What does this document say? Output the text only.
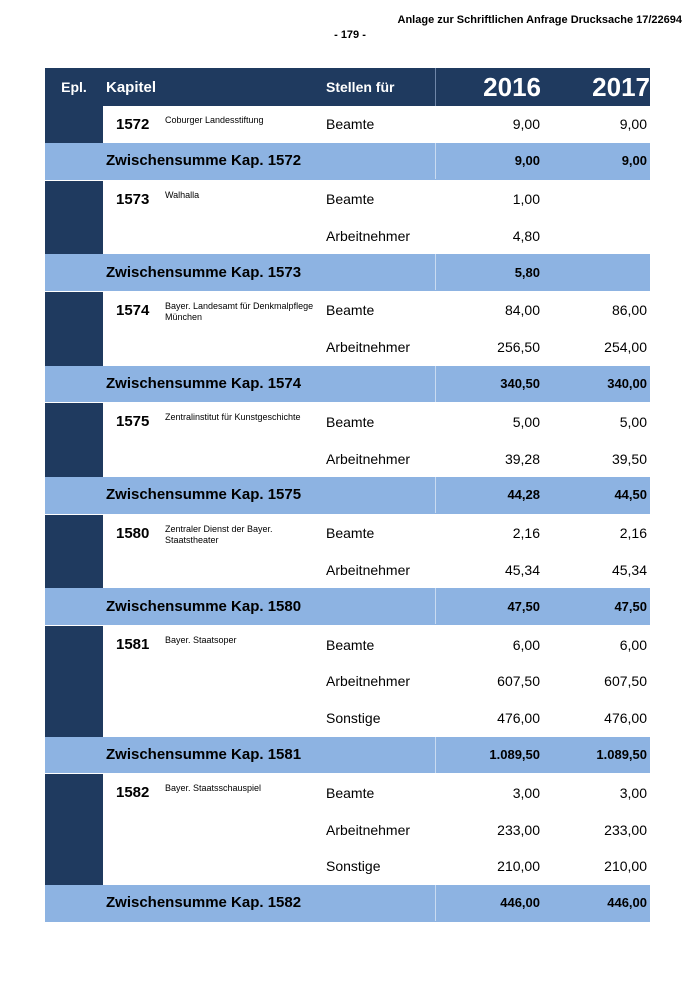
Anlage zur Schriftlichen Anfrage Drucksache 17/22694
- 179 -
Epl.	Kapitel	Stellen für	2016	2017
1572 Coburger Landesstiftung	Beamte	9,00	9,00
Zwischensumme Kap. 1572	9,00	9,00
1573 Walhalla	Beamte	1,00
Arbeitnehmer	4,80
Zwischensumme Kap. 1573	5,80
1574 Bayer. Landesamt für Denkmalpflege München	Beamte	84,00	86,00
Arbeitnehmer	256,50	254,00
Zwischensumme Kap. 1574	340,50	340,00
1575 Zentralinstitut für Kunstgeschichte	Beamte	5,00	5,00
Arbeitnehmer	39,28	39,50
Zwischensumme Kap. 1575	44,28	44,50
1580 Zentraler Dienst der Bayer. Staatstheater	Beamte	2,16	2,16
Arbeitnehmer	45,34	45,34
Zwischensumme Kap. 1580	47,50	47,50
1581 Bayer. Staatsoper	Beamte	6,00	6,00
Arbeitnehmer	607,50	607,50
Sonstige	476,00	476,00
Zwischensumme Kap. 1581	1.089,50	1.089,50
1582 Bayer. Staatsschauspiel	Beamte	3,00	3,00
Arbeitnehmer	233,00	233,00
Sonstige	210,00	210,00
Zwischensumme Kap. 1582	446,00	446,00
